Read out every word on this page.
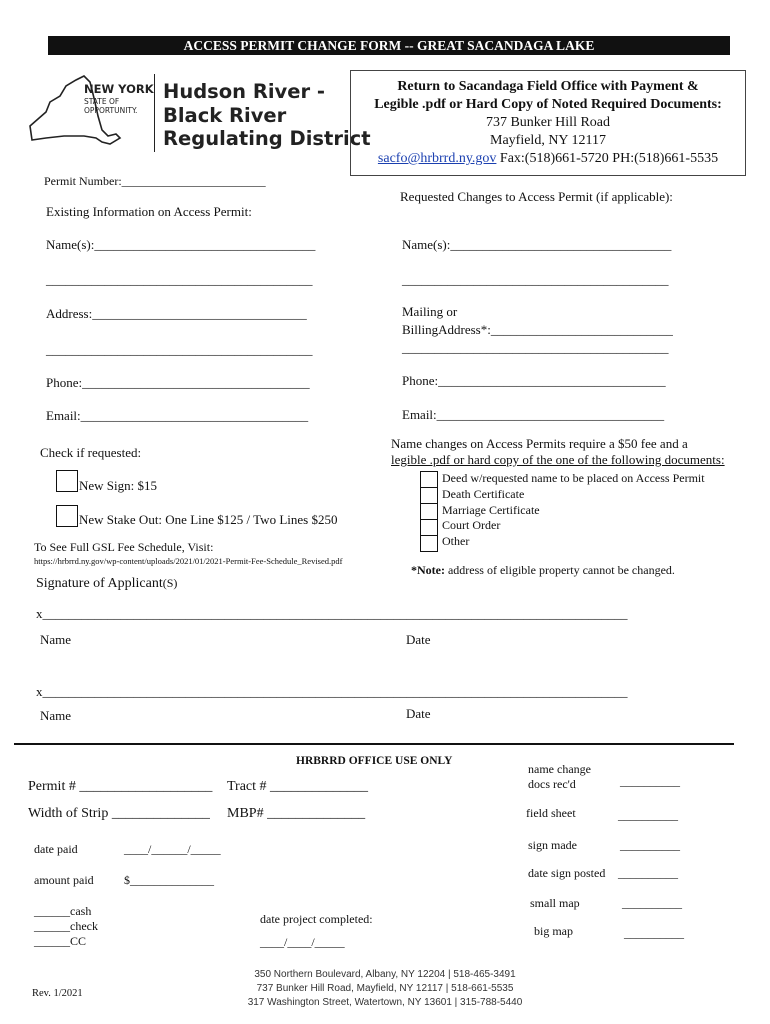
ACCESS PERMIT CHANGE FORM -- GREAT SACANDAGA LAKE
NEW YORK
STATE OF
OPPORTUNITY.
Hudson River -
Black River
Regulating District
Return to Sacandaga Field Office with Payment &
Legible .pdf or Hard Copy of Noted Required Documents:
737 Bunker Hill Road
Mayfield, NY 12117
sacfo@hrbrrd.ny.gov Fax:(518)661-5720 PH:(518)661-5535
Permit Number:________________________
Existing Information on Access Permit:
Name(s):__________________________________
_________________________________________
Address:_________________________________
_________________________________________
Phone:___________________________________
Email:___________________________________
Requested Changes to Access Permit (if applicable):
Name(s):__________________________________
_________________________________________
Mailing or
BillingAddress*:____________________________
_________________________________________
Phone:___________________________________
Email:___________________________________
Check if requested:
New Sign: $15
New Stake Out: One Line $125 / Two Lines $250
To See Full GSL Fee Schedule, Visit:
https://hrbrrd.ny.gov/wp-content/uploads/2021/01/2021-Permit-Fee-Schedule_Revised.pdf
Name changes on Access Permits require a $50 fee and a
legible .pdf or hard copy of the one of the following documents:
Deed w/requested name to be placed on Access Permit
Death Certificate
Marriage Certificate
Court Order
Other
*Note: address of eligible property cannot be changed.
Signature of Applicant(S)
x__________________________________________________________________________________________
Name	Date
x__________________________________________________________________________________________
Name	Date
HRBRRD OFFICE USE ONLY
Permit # ___________________ Tract # ______________
Width of Strip ______________ MBP# ______________
date paid	____/______/_____
amount paid	$______________
______cash
______check
______CC
date project completed:
____/____/_____
name change
docs rec'd	__________
field sheet	__________
sign made	__________
date sign posted __________
small map	__________
big map	__________
350 Northern Boulevard, Albany, NY 12204 | 518-465-3491
737 Bunker Hill Road, Mayfield, NY 12117 | 518-661-5535
317 Washington Street, Watertown, NY 13601 | 315-788-5440
Rev. 1/2021
